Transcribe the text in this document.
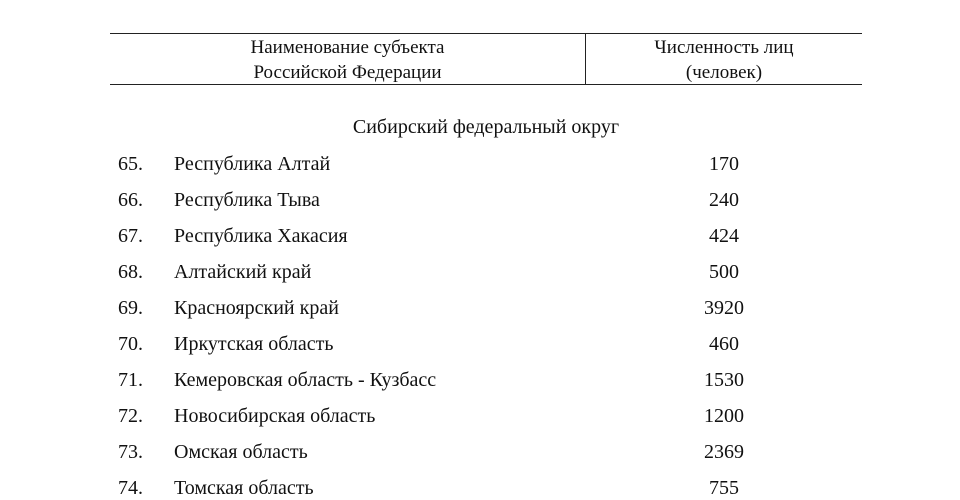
Наименование субъекта
Российской Федерации
Численность лиц
(человек)
Сибирский федеральный округ
65.	Республика Алтай	170
66.	Республика Тыва	240
67.	Республика Хакасия	424
68.	Алтайский край	500
69.	Красноярский край	3920
70.	Иркутская область	460
71.	Кемеровская область - Кузбасс	1530
72.	Новосибирская область	1200
73.	Омская область	2369
74.	Томская область	755
